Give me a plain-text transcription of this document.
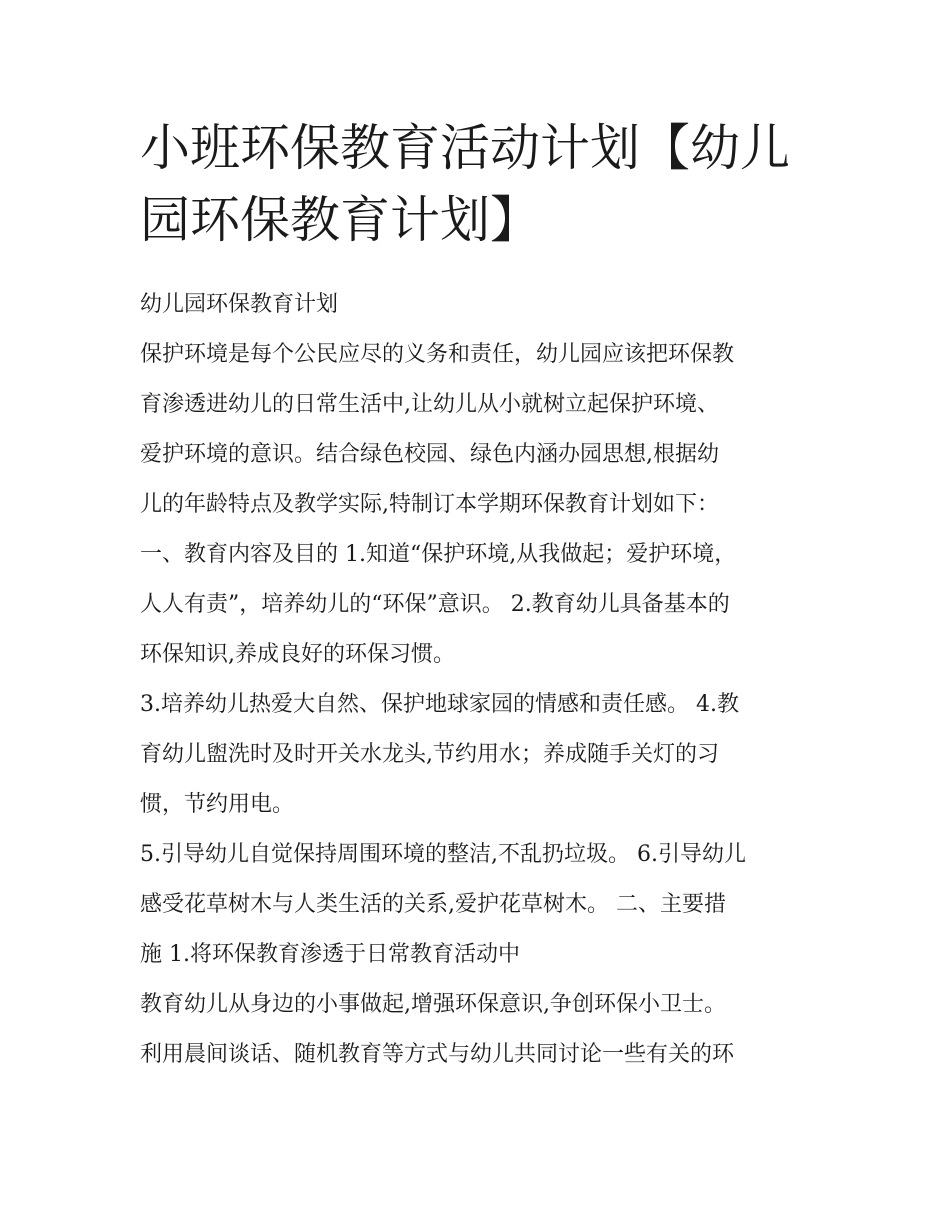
小班环保教育活动计划【幼儿
园环保教育计划】
幼儿园环保教育计划
保护环境是每个公民应尽的义务和责任，幼儿园应该把环保教
育渗透进幼儿的日常生活中,让幼儿从小就树立起保护环境、
爱护环境的意识。结合绿色校园、绿色内涵办园思想,根据幼
儿的年龄特点及教学实际,特制订本学期环保教育计划如下：
一、教育内容及目的 1.知道“保护环境,从我做起；爱护环境，
人人有责”，培养幼儿的“环保”意识。 2.教育幼儿具备基本的
环保知识,养成良好的环保习惯。
3.培养幼儿热爱大自然、保护地球家园的情感和责任感。 4.教
育幼儿盥洗时及时开关水龙头,节约用水；养成随手关灯的习
惯，节约用电。
5.引导幼儿自觉保持周围环境的整洁,不乱扔垃圾。 6.引导幼儿
感受花草树木与人类生活的关系,爱护花草树木。 二、主要措
施 1.将环保教育渗透于日常教育活动中
教育幼儿从身边的小事做起,增强环保意识,争创环保小卫士。
利用晨间谈话、随机教育等方式与幼儿共同讨论一些有关的环
